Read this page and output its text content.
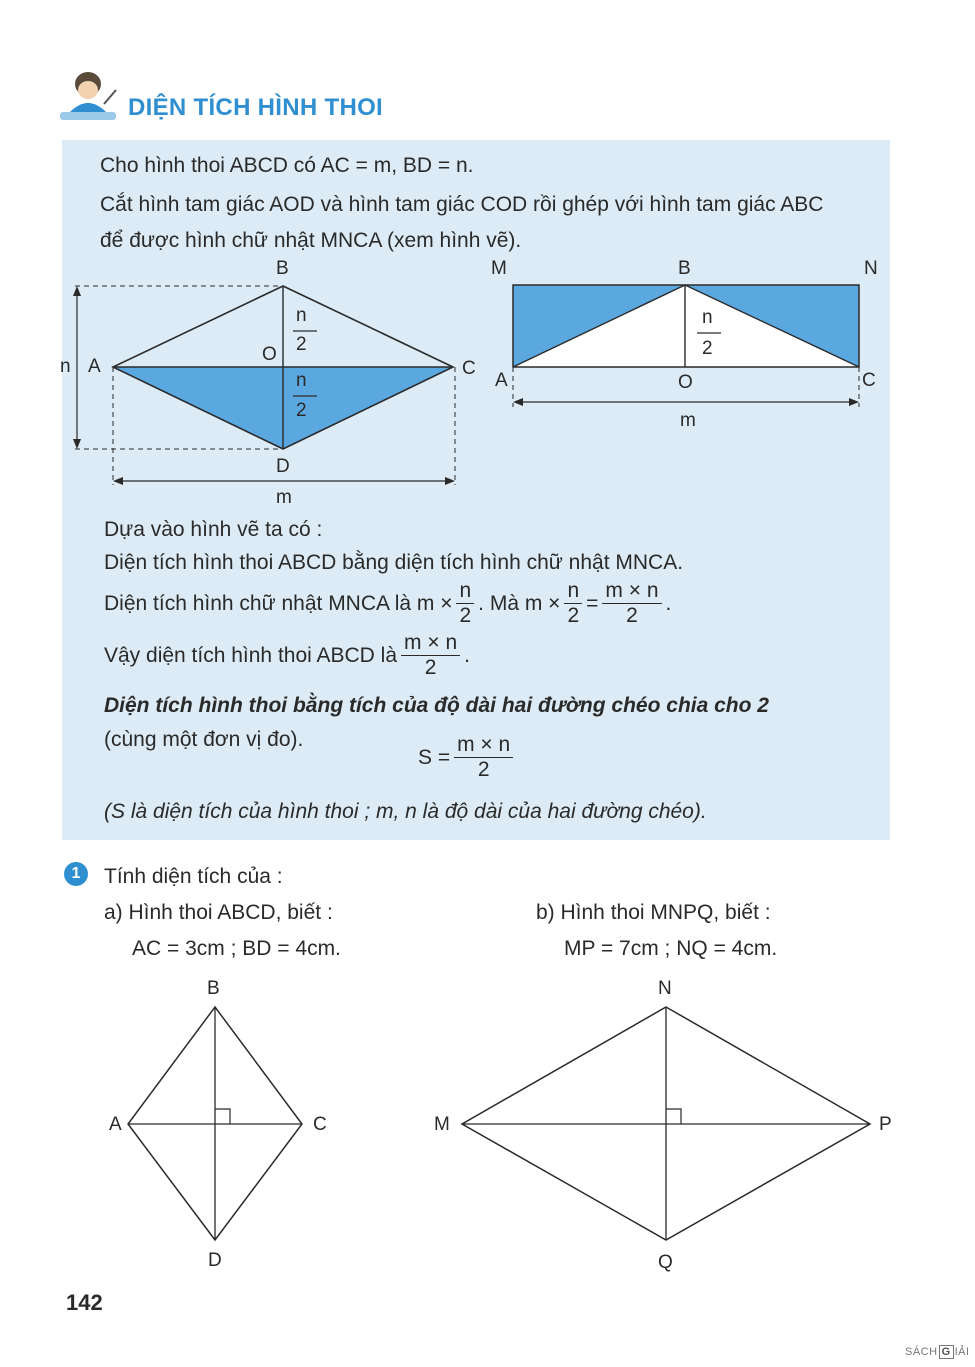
DIỆN TÍCH HÌNH THOI
Cho hình thoi ABCD có AC = m, BD = n.
Cắt hình tam giác AOD và hình tam giác COD rồi ghép với hình tam giác ABC
để được hình chữ nhật MNCA (xem hình vẽ).
B
A	C
D
O
n
m
n
2
n
2
M	B	N
A	O	C
m
n
2
Dựa vào hình vẽ ta có :
Diện tích hình thoi ABCD bằng diện tích hình chữ nhật MNCA.
Diện tích hình chữ nhật MNCA là $m \times \frac{n}{2}$ . Mà $m \times \frac{n}{2} = \frac{m \times n}{2}$ .
Vậy diện tích hình thoi ABCD là $\frac{m \times n}{2}$ .
Diện tích hình thoi bằng tích của độ dài hai đường chéo chia cho 2
(cùng một đơn vị đo).
$S = \frac{m \times n}{2}$
(S là diện tích của hình thoi ; m, n là độ dài của hai đường chéo).
1	Tính diện tích của :
a) Hình thoi ABCD, biết :
AC = 3cm ; BD = 4cm.
b) Hình thoi MNPQ, biết :
MP = 7cm ; NQ = 4cm.
B
A	C
D
N
M	P
Q
142
SÁCH G IẢI
